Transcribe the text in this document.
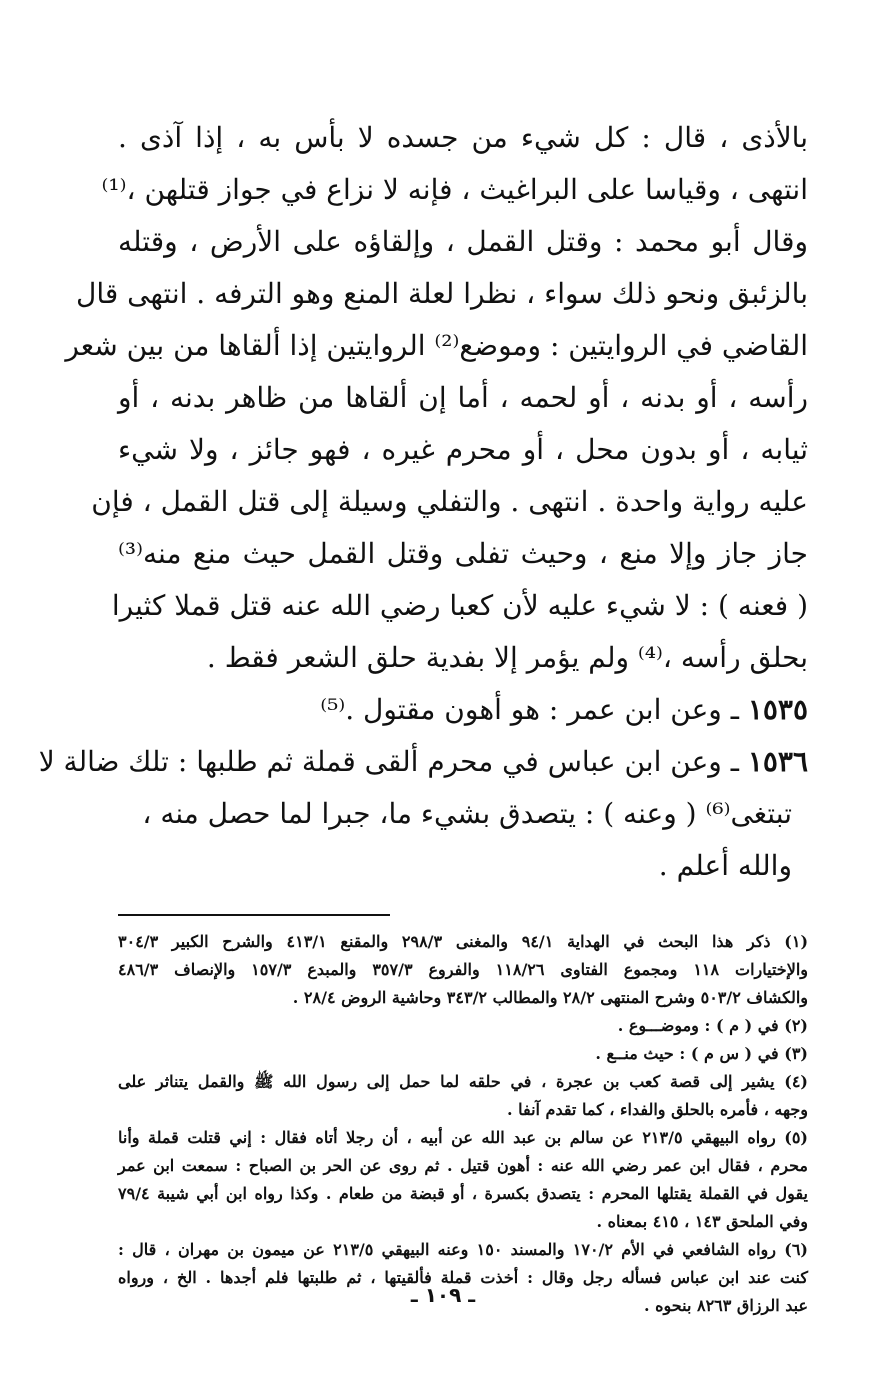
بالأذى ، قال : كل شيء من جسده لا بأس به ، إذا آذى .
انتهى ، وقياسا على البراغيث ، فإنه لا نزاع في جواز قتلهن ،⁽¹⁾
وقال أبو محمد : وقتل القمل ، وإلقاؤه على الأرض ، وقتله
بالزئبق ونحو ذلك سواء ، نظرا لعلة المنع وهو الترفه . انتهى قال
القاضي في الروايتين : وموضع⁽²⁾ الروايتين إذا ألقاها من بين شعر
رأسه ، أو بدنه ، أو لحمه ، أما إن ألقاها من ظاهر بدنه ، أو
ثيابه ، أو بدون محل ، أو محرم غيره ، فهو جائز ، ولا شيء
عليه رواية واحدة . انتهى . والتفلي وسيلة إلى قتل القمل ، فإن
جاز جاز وإلا منع ، وحيث تفلى وقتل القمل حيث منع منه⁽³⁾
( فعنه ) : لا شيء عليه لأن كعبا رضي الله عنه قتل قملا كثيرا
بحلق رأسه ،⁽⁴⁾ ولم يؤمر إلا بفدية حلق الشعر فقط .
١٥٣٥ ـ وعن ابن عمر : هو أهون مقتول .⁽⁵⁾
١٥٣٦ ـ وعن ابن عباس في محرم ألقى قملة ثم طلبها : تلك ضالة لا
تبتغى⁽⁶⁾ ( وعنه ) : يتصدق بشيء ما، جبرا لما حصل منه ،
والله أعلم .
(١) ذكر هذا البحث في الهداية ٩٤/١ والمغنى ٢٩٨/٣ والمقنع ٤١٣/١ والشرح الكبير ٣٠٤/٣
والإختيارات ١١٨ ومجموع الفتاوى ١١٨/٢٦ والفروع ٣٥٧/٣ والمبدع ١٥٧/٣ والإنصاف ٤٨٦/٣
والكشاف ٥٠٣/٢ وشرح المنتهى ٢٨/٢ والمطالب ٣٤٣/٢ وحاشية الروض ٢٨/٤ .
(٢) في ( م ) : وموضـــوع .
(٣) في ( س م ) : حيث منــع .
(٤) يشير إلى قصة كعب بن عجرة ، في حلقه لما حمل إلى رسول الله ﷺ والقمل يتناثر على
وجهه ، فأمره بالحلق والفداء ، كما تقدم آنفا .
(٥) رواه البيهقي ٢١٣/٥ عن سالم بن عبد الله عن أبيه ، أن رجلا أتاه فقال : إني قتلت قملة وأنا
محرم ، فقال ابن عمر رضي الله عنه : أهون قتيل . ثم روى عن الحر بن الصباح : سمعت ابن عمر
يقول في القملة يقتلها المحرم : يتصدق بكسرة ، أو قبضة من طعام . وكذا رواه ابن أبي شيبة ٧٩/٤
وفي الملحق ١٤٣ ، ٤١٥ بمعناه .
(٦) رواه الشافعي في الأم ١٧٠/٢ والمسند ١٥٠ وعنه البيهقي ٢١٣/٥ عن ميمون بن مهران ، قال :
كنت عند ابن عباس فسأله رجل وقال : أخذت قملة فألقيتها ، ثم طلبتها فلم أجدها . الخ ، ورواه
عبد الرزاق ٨٢٦٣ بنحوه .
ـ ١٠٩ ـ
